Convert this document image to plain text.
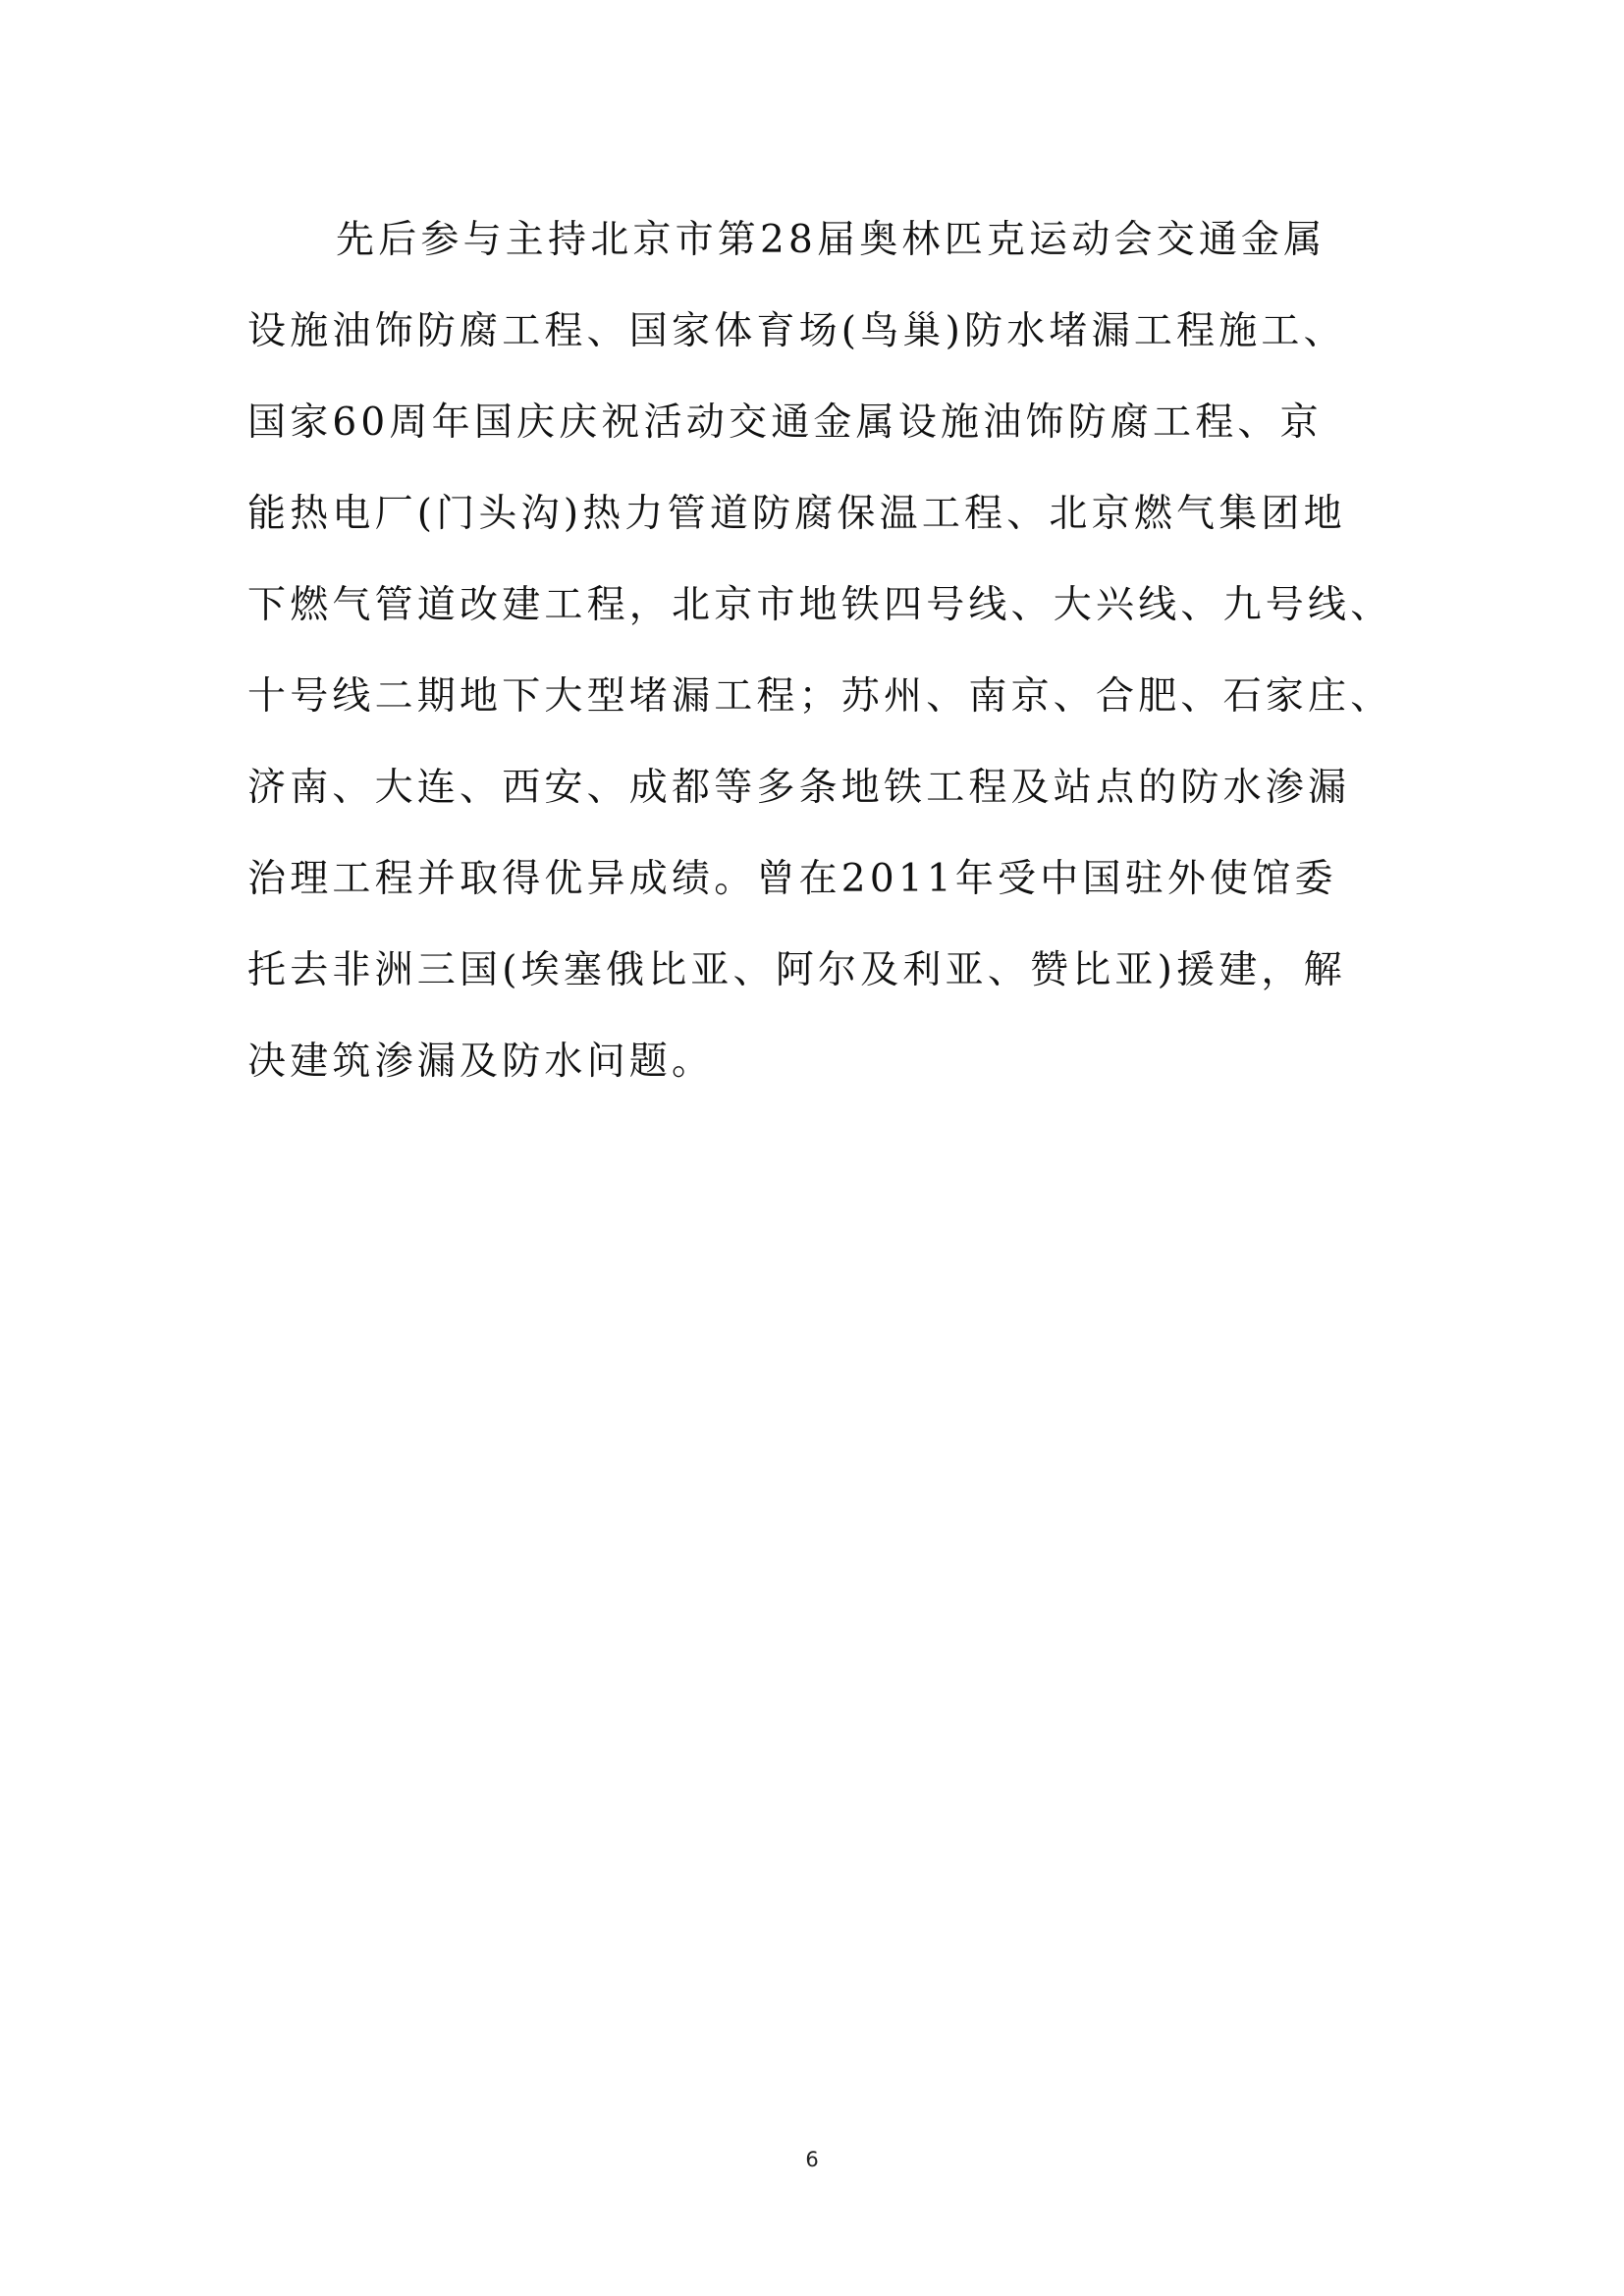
先后参与主持北京市第28届奥林匹克运动会交通金属
设施油饰防腐工程、国家体育场(鸟巢)防水堵漏工程施工、
国家60周年国庆庆祝活动交通金属设施油饰防腐工程、京
能热电厂(门头沟)热力管道防腐保温工程、北京燃气集团地
下燃气管道改建工程，北京市地铁四号线、大兴线、九号线、
十号线二期地下大型堵漏工程；苏州、南京、合肥、石家庄、
济南、大连、西安、成都等多条地铁工程及站点的防水渗漏
治理工程并取得优异成绩。曾在2011年受中国驻外使馆委
托去非洲三国(埃塞俄比亚、阿尔及利亚、赞比亚)援建，解
决建筑渗漏及防水问题。
6
